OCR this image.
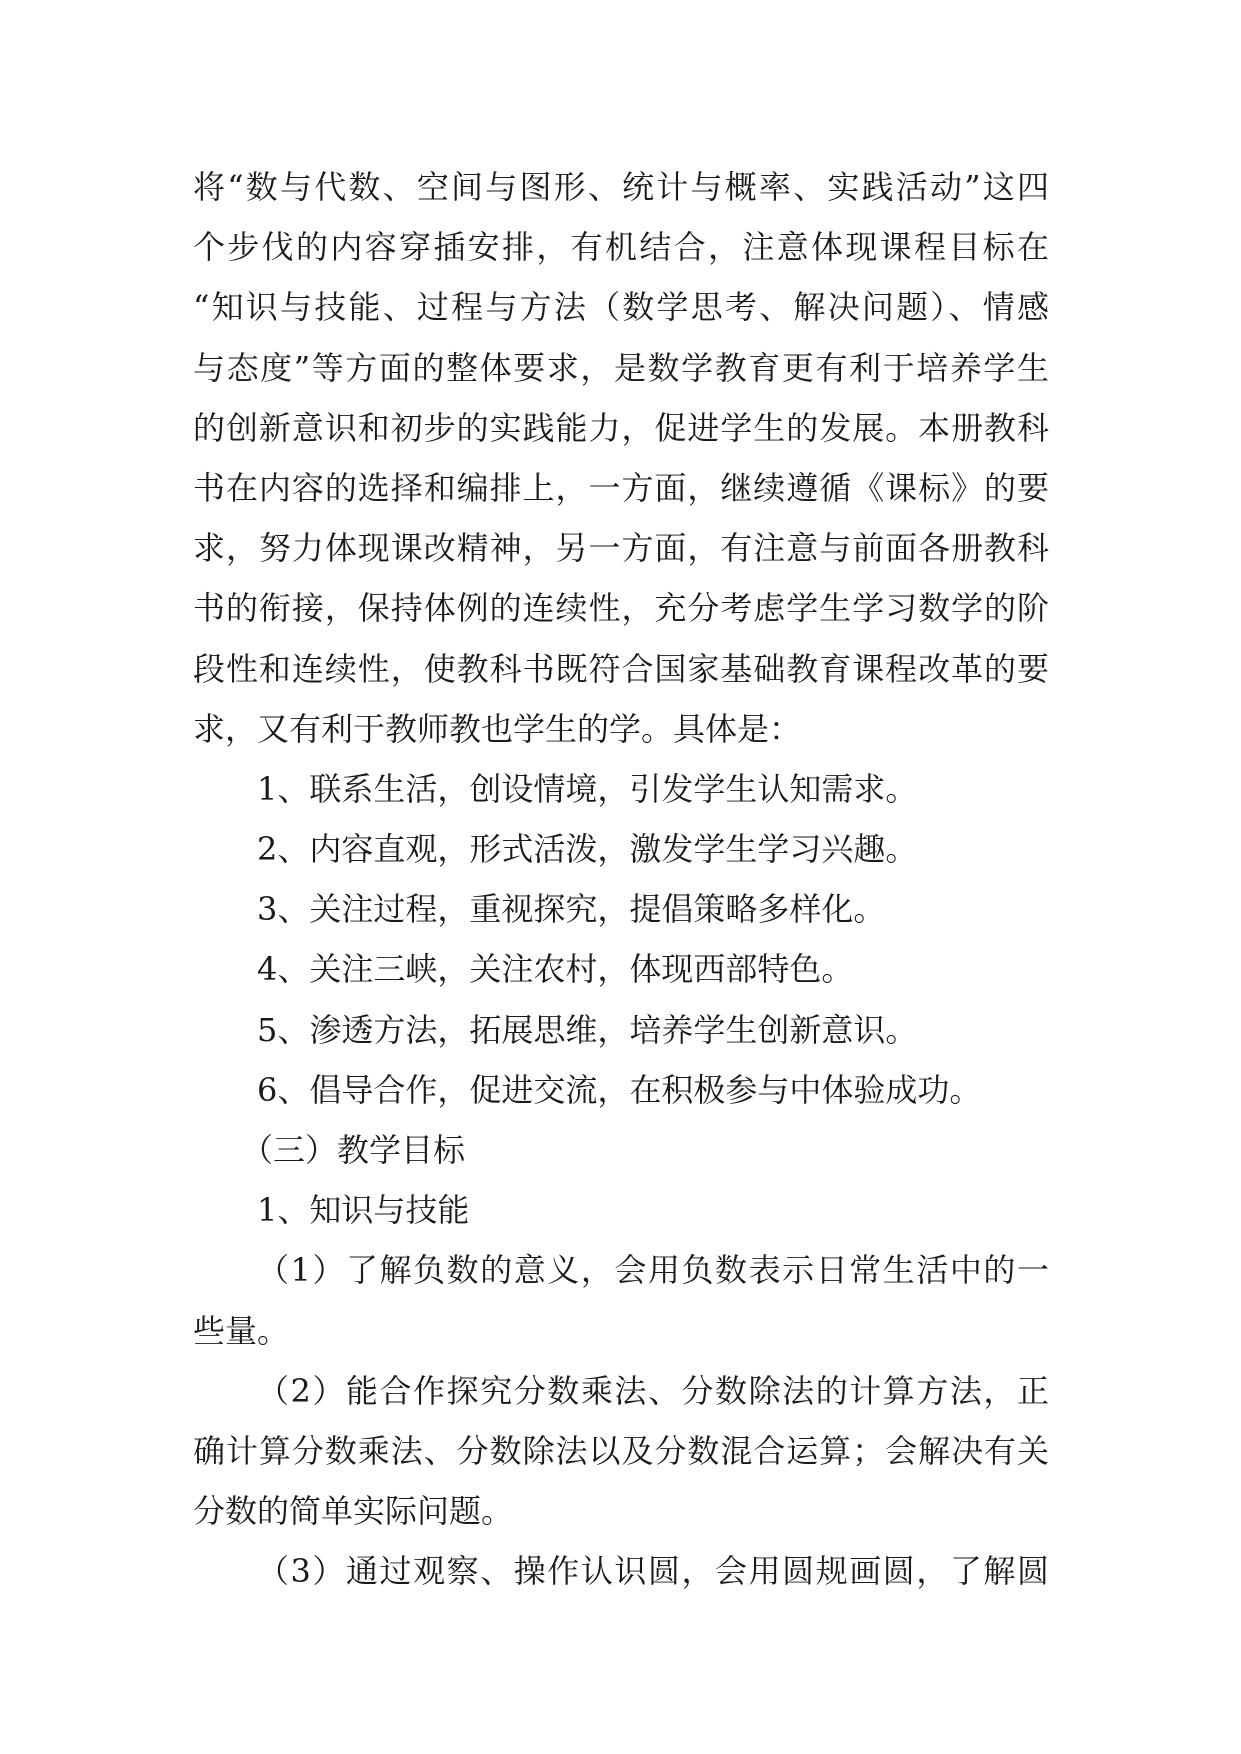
将“数与代数、空间与图形、统计与概率、实践活动”这四
个步伐的内容穿插安排，有机结合，注意体现课程目标在
“知识与技能、过程与方法（数学思考、解决问题）、情感
与态度”等方面的整体要求，是数学教育更有利于培养学生
的创新意识和初步的实践能力，促进学生的发展。本册教科
书在内容的选择和编排上，一方面，继续遵循《课标》的要
求，努力体现课改精神，另一方面，有注意与前面各册教科
书的衔接，保持体例的连续性，充分考虑学生学习数学的阶
段性和连续性，使教科书既符合国家基础教育课程改革的要
求，又有利于教师教也学生的学。具体是：
1、联系生活，创设情境，引发学生认知需求。
2、内容直观，形式活泼，激发学生学习兴趣。
3、关注过程，重视探究，提倡策略多样化。
4、关注三峡，关注农村，体现西部特色。
5、渗透方法，拓展思维，培养学生创新意识。
6、倡导合作，促进交流，在积极参与中体验成功。
（三）教学目标
1、知识与技能
（1）了解负数的意义，会用负数表示日常生活中的一
些量。
（2）能合作探究分数乘法、分数除法的计算方法，正
确计算分数乘法、分数除法以及分数混合运算；会解决有关
分数的简单实际问题。
（3）通过观察、操作认识圆，会用圆规画圆，了解圆
